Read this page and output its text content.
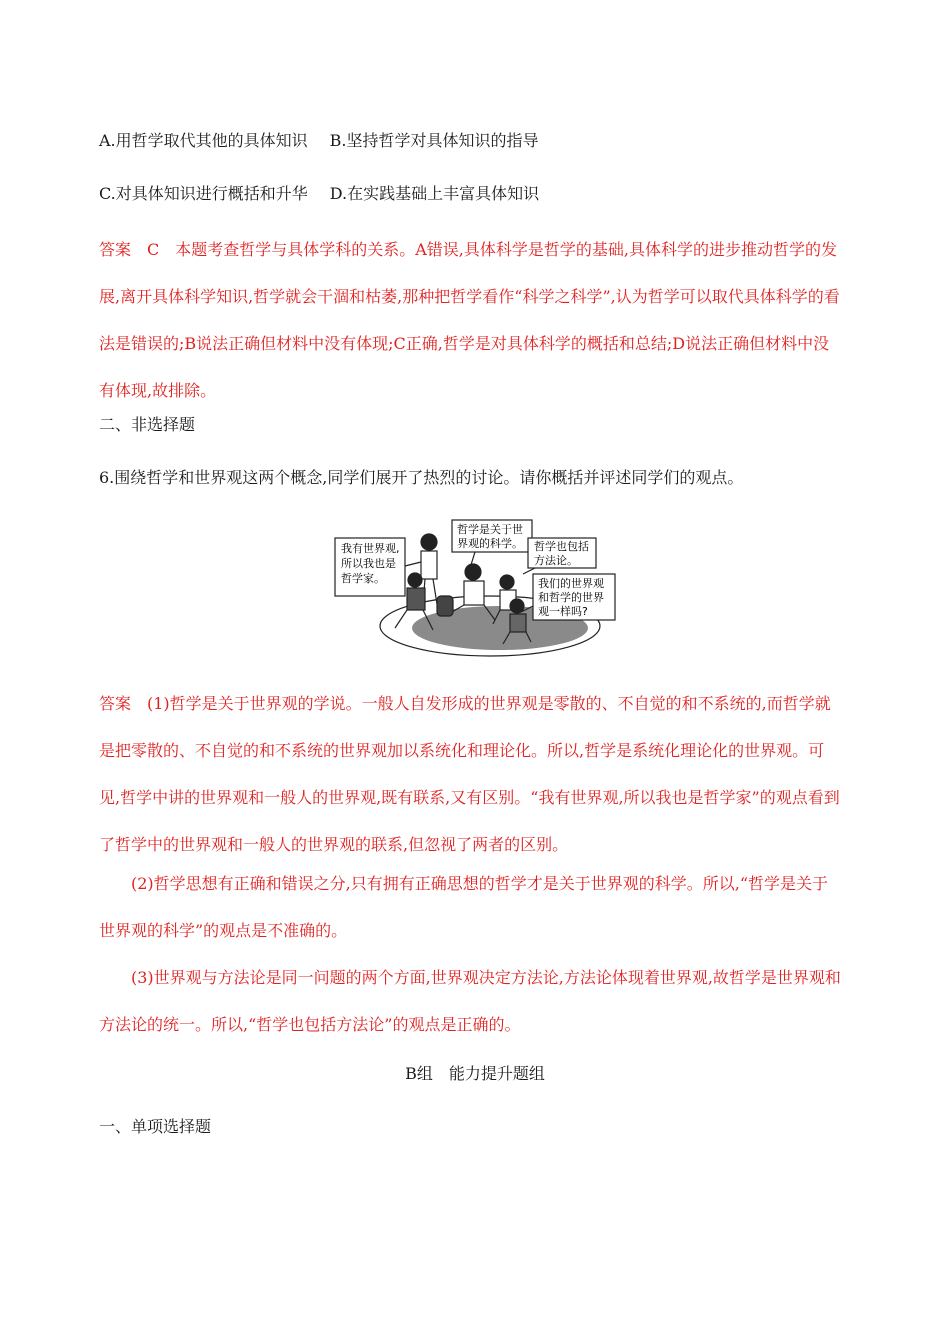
A.用哲学取代其他的具体知识 B.坚持哲学对具体知识的指导
C.对具体知识进行概括和升华 D.在实践基础上丰富具体知识
答案　C　本题考查哲学与具体学科的关系。A错误,具体科学是哲学的基础,具体科学的进步推动哲学的发展,离开具体科学知识,哲学就会干涸和枯萎,那种把哲学看作“科学之科学”,认为哲学可以取代具体科学的看法是错误的;B说法正确但材料中没有体现;C正确,哲学是对具体科学的概括和总结;D说法正确但材料中没有体现,故排除。
二、非选择题
6.围绕哲学和世界观这两个概念,同学们展开了热烈的讨论。请你概括并评述同学们的观点。
我有世界观,
所以我也是
哲学家。
哲学是关于世
界观的科学。 哲学也包括
方法论。
我们的世界观
和哲学的世界
观一样吗?
答案　(1)哲学是关于世界观的学说。一般人自发形成的世界观是零散的、不自觉的和不系统的,而哲学就是把零散的、不自觉的和不系统的世界观加以系统化和理论化。所以,哲学是系统化理论化的世界观。可见,哲学中讲的世界观和一般人的世界观,既有联系,又有区别。“我有世界观,所以我也是哲学家”的观点看到了哲学中的世界观和一般人的世界观的联系,但忽视了两者的区别。
(2)哲学思想有正确和错误之分,只有拥有正确思想的哲学才是关于世界观的科学。所以,“哲学是关于世界观的科学”的观点是不准确的。
(3)世界观与方法论是同一问题的两个方面,世界观决定方法论,方法论体现着世界观,故哲学是世界观和方法论的统一。所以,“哲学也包括方法论”的观点是正确的。
B组　能力提升题组
一、单项选择题
